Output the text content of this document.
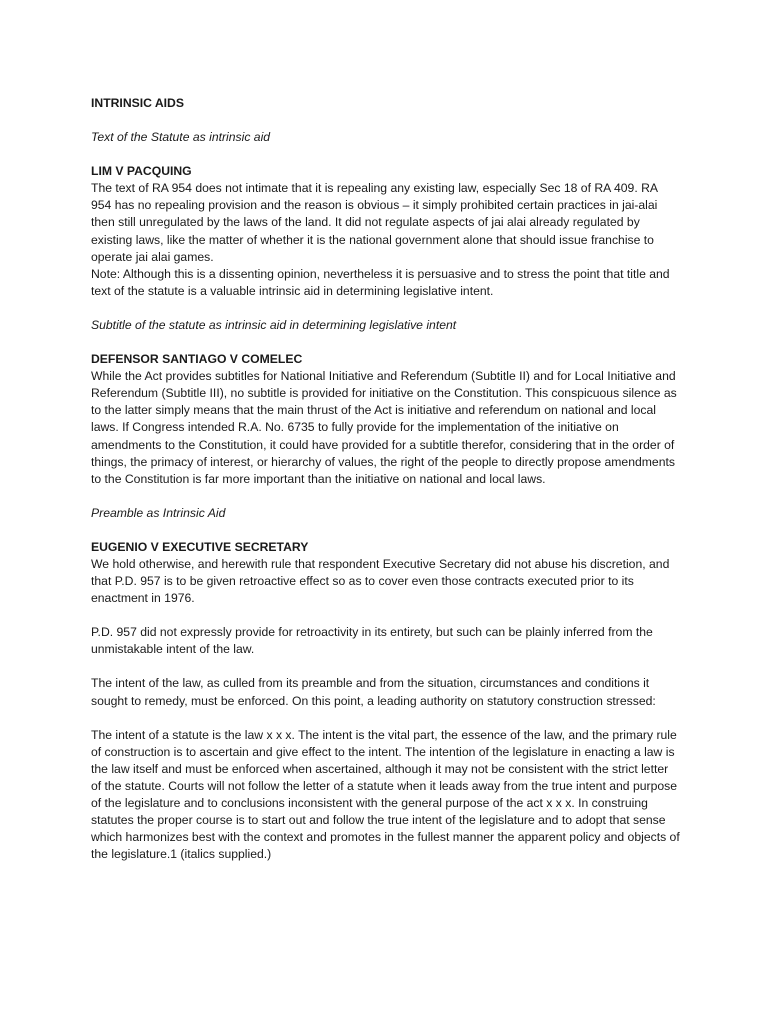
INTRINSIC AIDS

Text of the Statute as intrinsic aid

LIM V PACQUING

The text of RA 954 does not intimate that it is repealing any existing law, especially Sec 18 of RA 409. RA 954 has no repealing provision and the reason is obvious – it simply prohibited certain practices in jai-alai then still unregulated by the laws of the land. It did not regulate aspects of jai alai already regulated by existing laws, like the matter of whether it is the national government alone that should issue franchise to operate jai alai games.

Note: Although this is a dissenting opinion, nevertheless it is persuasive and to stress the point that title and text of the statute is a valuable intrinsic aid in determining legislative intent.

Subtitle of the statute as intrinsic aid in determining legislative intent

DEFENSOR SANTIAGO V COMELEC

While the Act provides subtitles for National Initiative and Referendum (Subtitle II) and for Local Initiative and Referendum (Subtitle III), no subtitle is provided for initiative on the Constitution. This conspicuous silence as to the latter simply means that the main thrust of the Act is initiative and referendum on national and local laws. If Congress intended R.A. No. 6735 to fully provide for the implementation of the initiative on amendments to the Constitution, it could have provided for a subtitle therefor, considering that in the order of things, the primacy of interest, or hierarchy of values, the right of the people to directly propose amendments to the Constitution is far more important than the initiative on national and local laws.

Preamble as Intrinsic Aid

EUGENIO V EXECUTIVE SECRETARY

We hold otherwise, and herewith rule that respondent Executive Secretary did not abuse his discretion, and that P.D. 957 is to be given retroactive effect so as to cover even those contracts executed prior to its enactment in 1976.

P.D. 957 did not expressly provide for retroactivity in its entirety, but such can be plainly inferred from the unmistakable intent of the law.

The intent of the law, as culled from its preamble and from the situation, circumstances and conditions it sought to remedy, must be enforced. On this point, a leading authority on statutory construction stressed:

The intent of a statute is the law x x x. The intent is the vital part, the essence of the law, and the primary rule of construction is to ascertain and give effect to the intent. The intention of the legislature in enacting a law is the law itself and must be enforced when ascertained, although it may not be consistent with the strict letter of the statute. Courts will not follow the letter of a statute when it leads away from the true intent and purpose of the legislature and to conclusions inconsistent with the general purpose of the act x x x. In construing statutes the proper course is to start out and follow the true intent of the legislature and to adopt that sense which harmonizes best with the context and promotes in the fullest manner the apparent policy and objects of the legislature.1 (italics supplied.)
